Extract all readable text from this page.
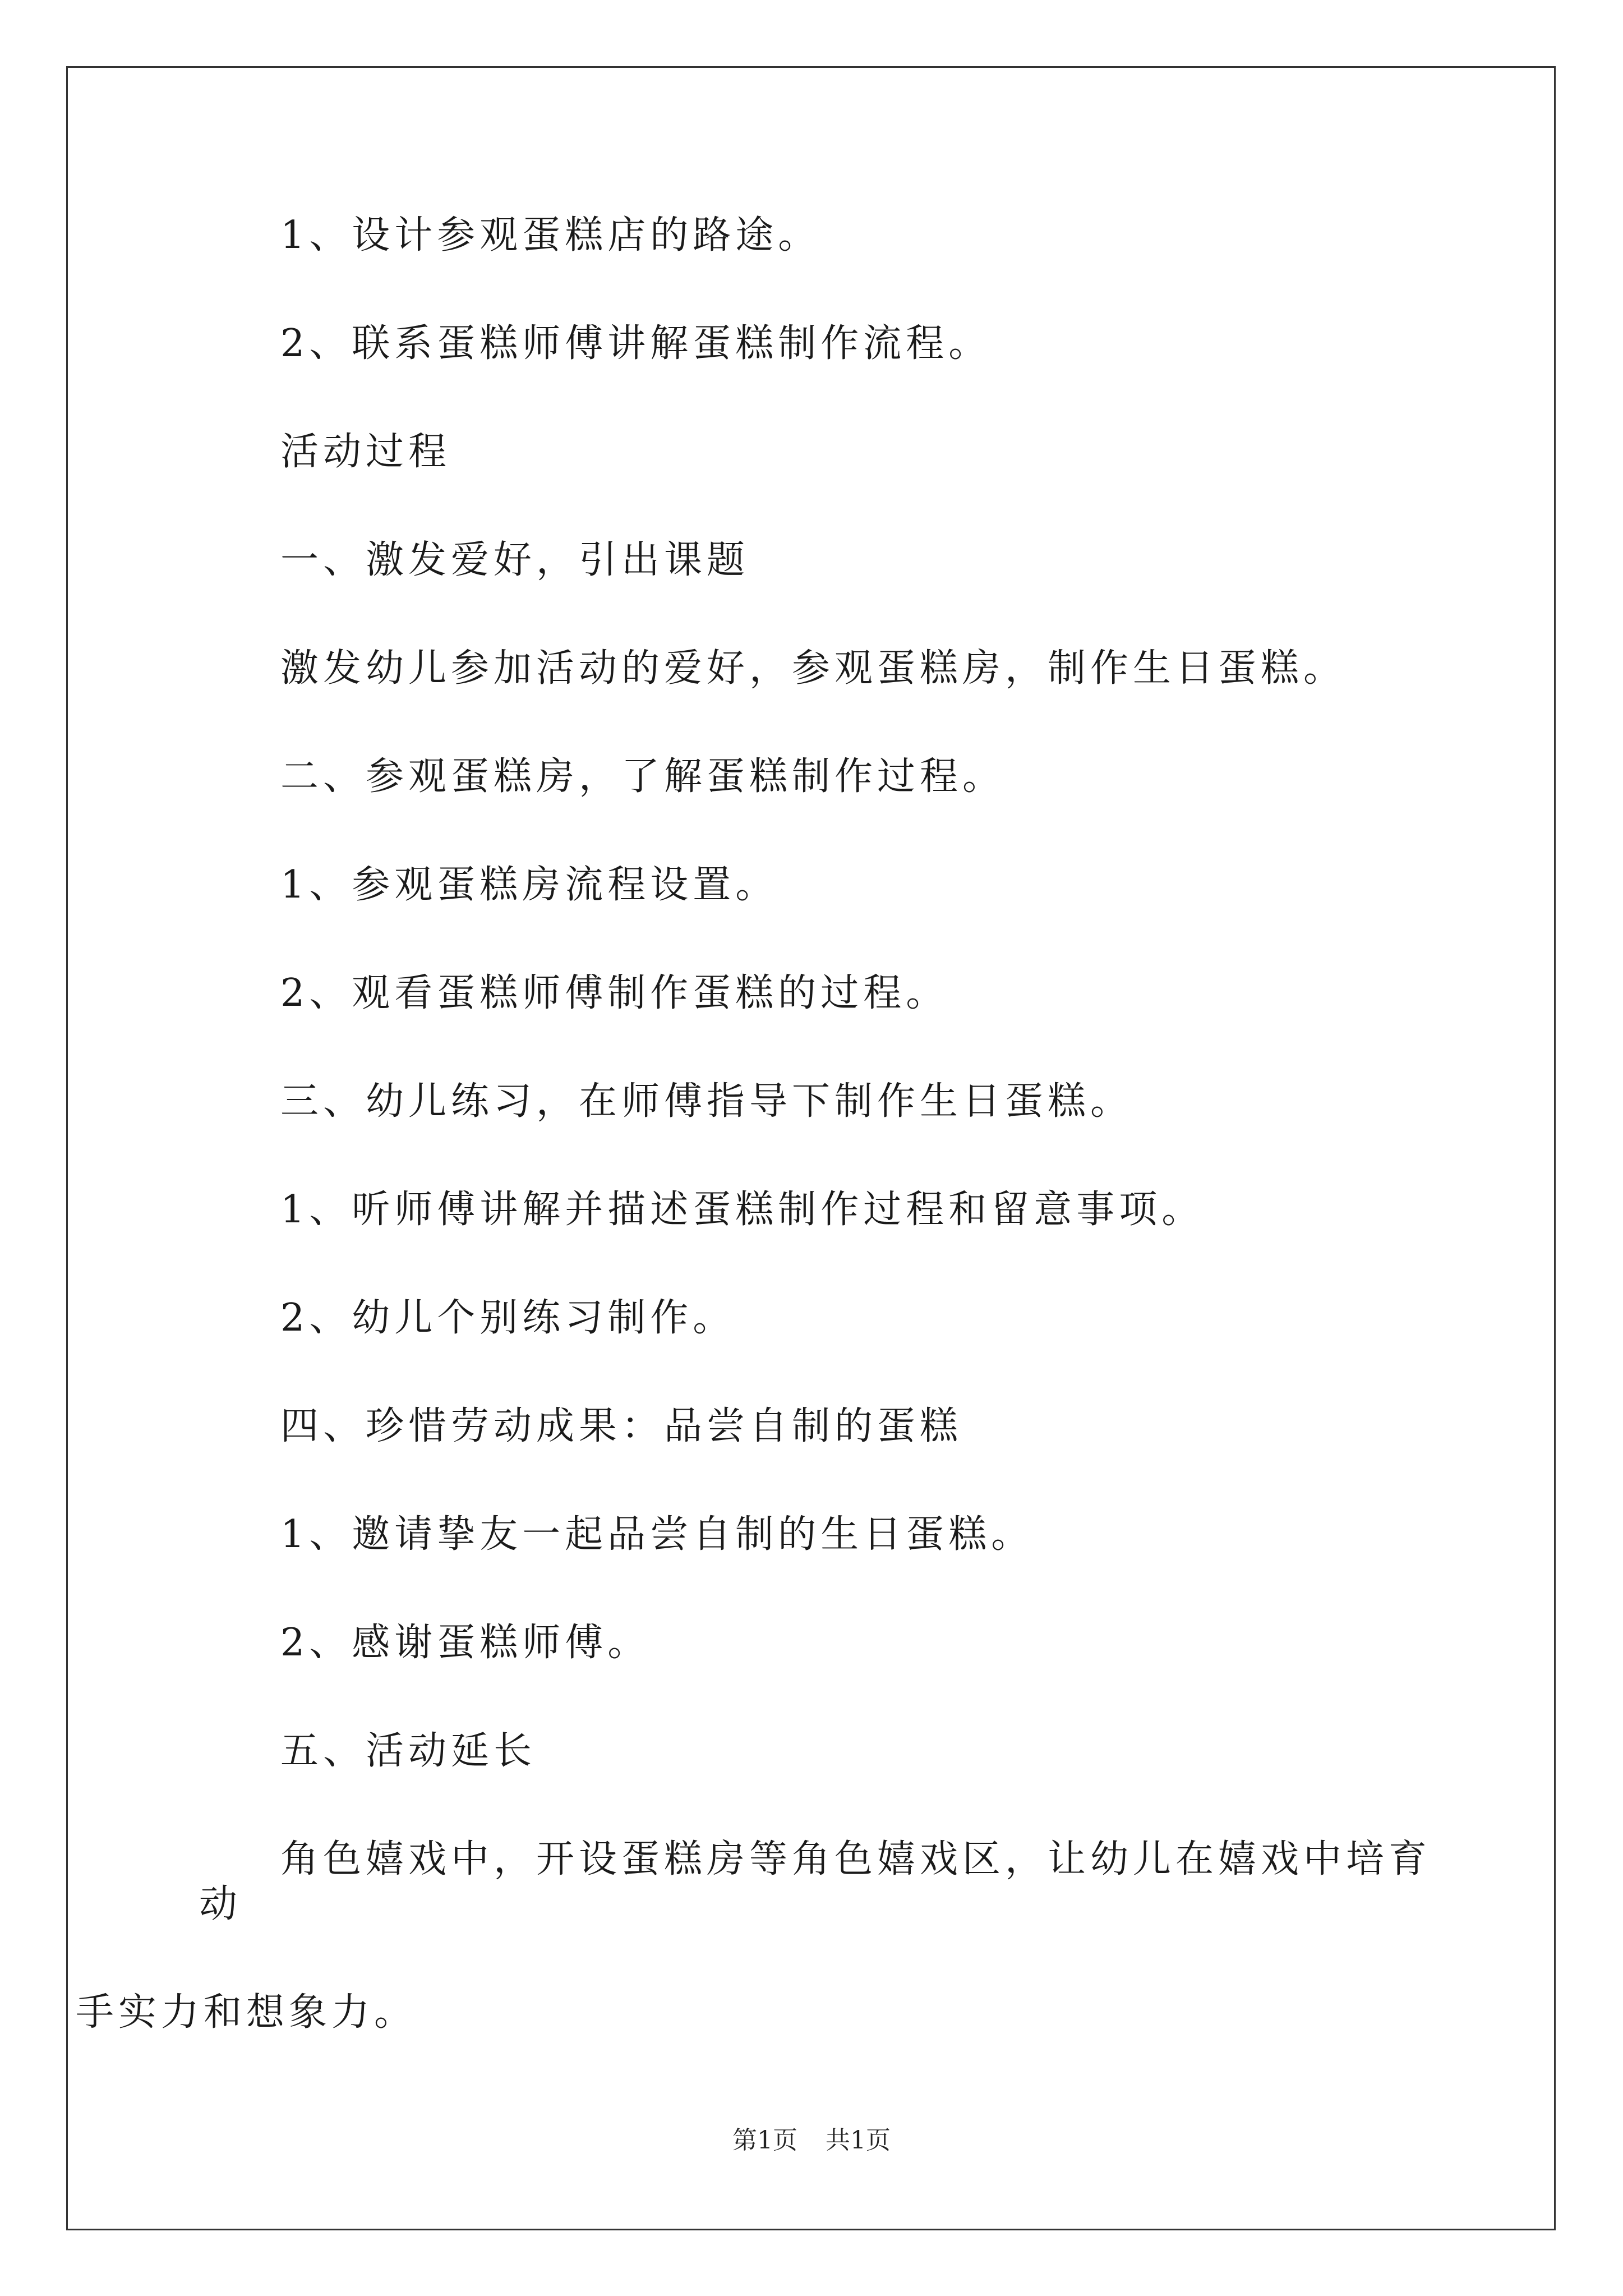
1、设计参观蛋糕店的路途。

2、联系蛋糕师傅讲解蛋糕制作流程。

活动过程

一、激发爱好，引出课题

激发幼儿参加活动的爱好，参观蛋糕房，制作生日蛋糕。

二、参观蛋糕房，了解蛋糕制作过程。

1、参观蛋糕房流程设置。

2、观看蛋糕师傅制作蛋糕的过程。

三、幼儿练习，在师傅指导下制作生日蛋糕。

1、听师傅讲解并描述蛋糕制作过程和留意事项。

2、幼儿个别练习制作。

四、珍惜劳动成果：品尝自制的蛋糕

1、邀请挚友一起品尝自制的生日蛋糕。

2、感谢蛋糕师傅。

五、活动延长

角色嬉戏中，开设蛋糕房等角色嬉戏区，让幼儿在嬉戏中培育动
手实力和想象力。
第1页 共1页
